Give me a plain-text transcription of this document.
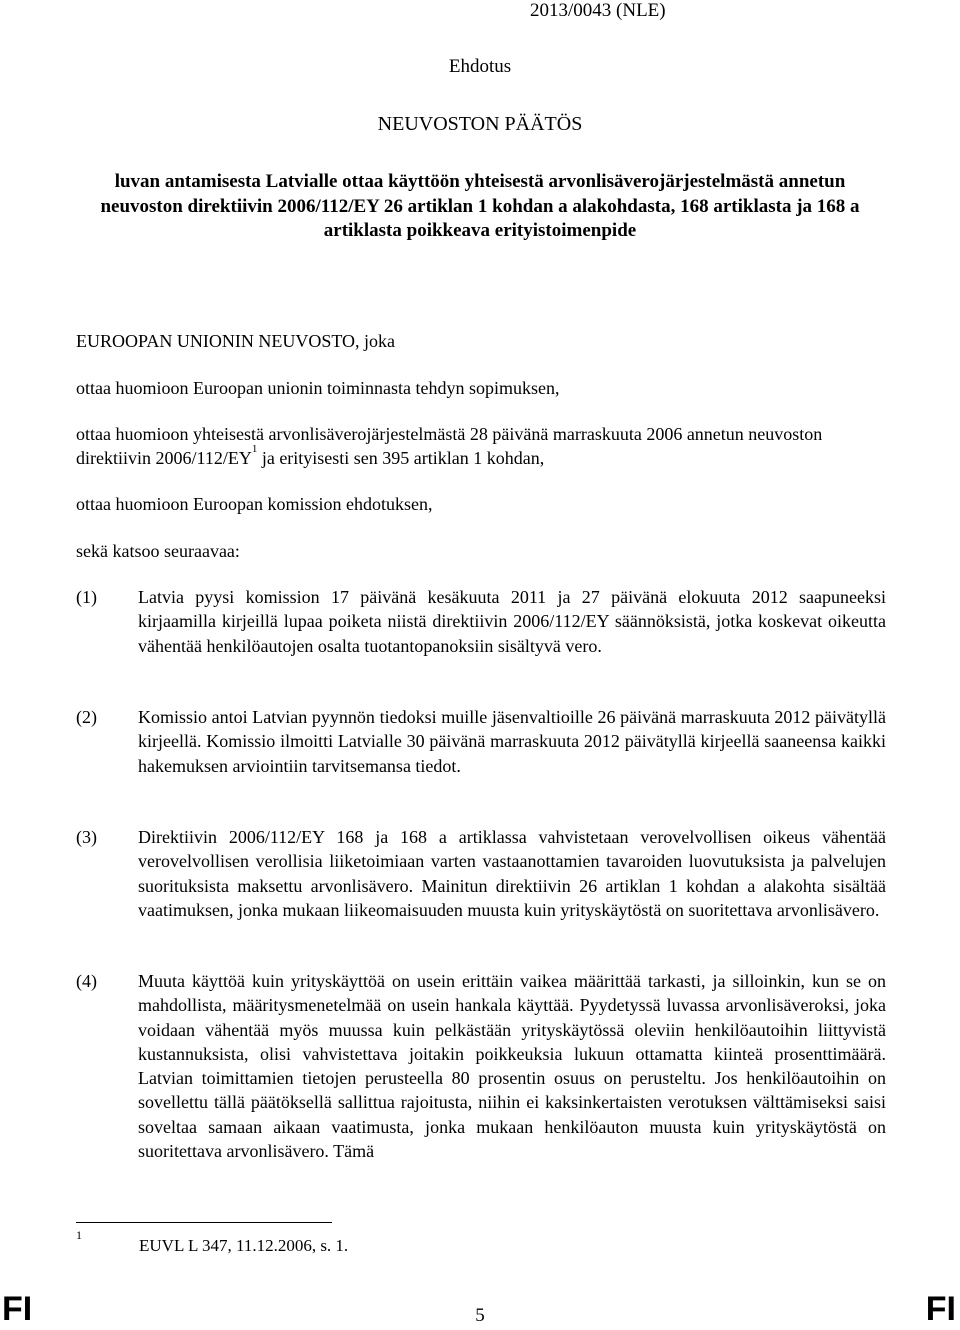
2013/0043 (NLE)
Ehdotus
NEUVOSTON PÄÄTÖS
luvan antamisesta Latvialle ottaa käyttöön yhteisestä arvonlisäverojärjestelmästä annetun neuvoston direktiivin 2006/112/EY 26 artiklan 1 kohdan a alakohdasta, 168 artiklasta ja 168 a artiklasta poikkeava erityistoimenpide
EUROOPAN UNIONIN NEUVOSTO, joka
ottaa huomioon Euroopan unionin toiminnasta tehdyn sopimuksen,
ottaa huomioon yhteisestä arvonlisäverojärjestelmästä 28 päivänä marraskuuta 2006 annetun neuvoston direktiivin $2006/112/EY^1$ ja erityisesti sen 395 artiklan 1 kohdan,
ottaa huomioon Euroopan komission ehdotuksen,
sekä katsoo seuraavaa:
(1) Latvia pyysi komission 17 päivänä kesäkuuta 2011 ja 27 päivänä elokuuta 2012 saapuneeksi kirjaamilla kirjeillä lupaa poiketa niistä direktiivin 2006/112/EY säännöksistä, jotka koskevat oikeutta vähentää henkilöautojen osalta tuotantopanoksiin sisältyvä vero.
(2) Komissio antoi Latvian pyynnön tiedoksi muille jäsenvaltioille 26 päivänä marraskuuta 2012 päivätyllä kirjeellä. Komissio ilmoitti Latvialle 30 päivänä marraskuuta 2012 päivätyllä kirjeellä saaneensa kaikki hakemuksen arviointiin tarvitsemansa tiedot.
(3) Direktiivin 2006/112/EY 168 ja 168 a artiklassa vahvistetaan verovelvollisen oikeus vähentää verovelvollisen verollisia liiketoimiaan varten vastaanottamien tavaroiden luovutuksista ja palvelujen suorituksista maksettu arvonlisävero. Mainitun direktiivin 26 artiklan 1 kohdan a alakohta sisältää vaatimuksen, jonka mukaan liikeomaisuuden muusta kuin yrityskäytöstä on suoritettava arvonlisävero.
(4) Muuta käyttöä kuin yrityskäyttöä on usein erittäin vaikea määrittää tarkasti, ja silloinkin, kun se on mahdollista, määritysmenetelmää on usein hankala käyttää. Pyydetyssä luvassa arvonlisäveroksi, joka voidaan vähentää myös muussa kuin pelkästään yrityskäytössä oleviin henkilöautoihin liittyvistä kustannuksista, olisi vahvistettava joitakin poikkeuksia lukuun ottamatta kiinteä prosenttimäärä. Latvian toimittamien tietojen perusteella 80 prosentin osuus on perusteltu. Jos henkilöautoihin on sovellettu tällä päätöksellä sallittua rajoitusta, niihin ei kaksinkertaisten verotuksen välttämiseksi saisi soveltaa samaan aikaan vaatimusta, jonka mukaan henkilöauton muusta kuin yrityskäytöstä on suoritettava arvonlisävero. Tämä
1
EUVL L 347, 11.12.2006, s. 1.
FI	5	FI
